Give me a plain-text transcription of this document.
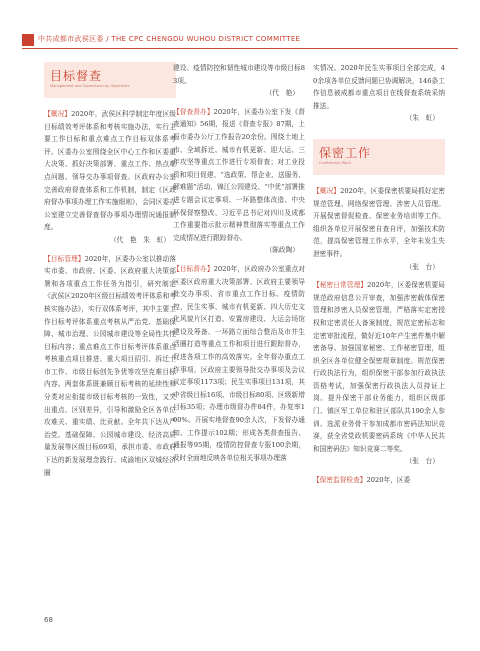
中共成都市武侯区委 / THE CPC CHENGDU WUHOU DISTRICT COMMITTEE
目标督查
Management and Supervision by Objectives

【概况】2020年，武侯区科学制定年度区级目标绩效考评体系和考核实施办法，实行主要工作目标和重点难点工作目标双体系考评。区委办公室围绕全区中心工作和区委重大决策、抓好决策部署、重点工作、热点难点问题、领导交办事项督查。区政府办公室完善政府督查体系和工作机制，制定《区政府督办事项办理工作实施细则》，会同区委办公室建立完善督查督办事项办理情况通报制度。

（代　艳　朱　虹）

【目标管理】2020年，区委办公室以推动落实市委、市政府、区委、区政府重大决策部署和各项重点工作任务为指引，研究制定《武侯区2020年区级目标绩效考评体系和考核实施办法》，实行双体系考评，其中主要工作目标考评体系重点考核从严治党、基础保障、城市治理、公园城市建设等全局性共性目标内容；重点难点工作目标考评体系重点考核重点项目推进、重大项目招引、拆迁土市工作、市级目标创先争优等攻坚克难目标内容。两套体系既兼顾目标考核的延续性和分类对应衔接市级目标考核的一致性，又突出重点、区别差异，引导和激励全区各单位攻难关、重实绩、比贡献。全年共下达从严治党、基础保障、公园城市建设、经济高质量发展等区级目标69项，承担市委、市政府下达的新发展理念践行、成渝地区双城经济圈

建设、疫情防控和韧性城市建设等市级目标83项。

（代　艳）

【督查督办】2020年，区委办公室下发《督查通知》56期，报送《督查专报》87期，上报市委办公厅工作报告20余份。围绕土地上市、全域拆迁、城市有机更新、迎大运、三年攻坚等重点工作进行专项督查；对工业投资和项目促建、“选政策、帮企业、送服务、解难题”活动、锦江公园建设、“中优”部署推进专题会议定事项、一环路整体改造、中央环保督察整改、习近平总书记对四川及成都工作重要指示批示精神贯彻落实等重点工作完成情况进行跟踪督办。

（陈政陶）

【目标督办】2020年，区政府办公室重点对区委区政府重大决策部署、区政府主要领导批交办事项、省市重点工作目标、疫情防控、民生实事、城市有机更新、四大历史文化风貌片区打造、安置房建设、大运会场馆建设及筹备、一环路立面综合整治及市井生活圈打造等重点工作和项目进行跟踪督办，促进各项工作的高效落实。全年督办重点工作事项、区政府主要领导批交办事项及会议议定事项1173项；民生实事项目131项，其中省级目标16项、市级目标80项、区级新增目标35项；办理市级督办件84件，办复率100%。开展实地督查90余人次，下发督办通知、工作提示102期；形成各类督查报告、通报等95期，疫情防控督查专报100余期，及时全面地反映各单位相关事项办理落

实情况。2020年民生实事项目全部完成，40余项各单位反馈问题已协调解决，146条工作信息被成都市重点项目在线督查系统采纳推送。

（朱　虹）

保密工作
Confidential Work

【概况】2020年，区委保密机要局抓好定密规范管理、网络保密管理、涉密人员管理。开展保密督促检查、保密业务培训等工作。组织各单位开展保密自查自评，加强技术防范，提高保密管理工作水平，全年未发生失泄密事件。

（张　台）

【秘密日常管理】2020年，区委保密机要局规范政府信息公开审查，加强涉密载体保密管理和涉密人员保密管理，严格落实定密授权和定密责任人备案制度，规范定密标志和定密审批流程，做好近10年产生密件集中解密备导。加强国家秘密、工作秘密管理，组织全区各单位健全保密规章制度。规范保密行政执法行为，组织保密干部参加行政执法资格考试，加强保密行政执法人员持证上岗。提升保密干部业务能力，组织区级部门、镇区军工单位和驻区部队共190余人参训。选派业务骨干参加成都市密码法知识竞赛，获全省党政机要密码系统《中华人民共和国密码法》知识竞赛二等奖。

（张　台）

【保密监督检查】2020年，区委

68
